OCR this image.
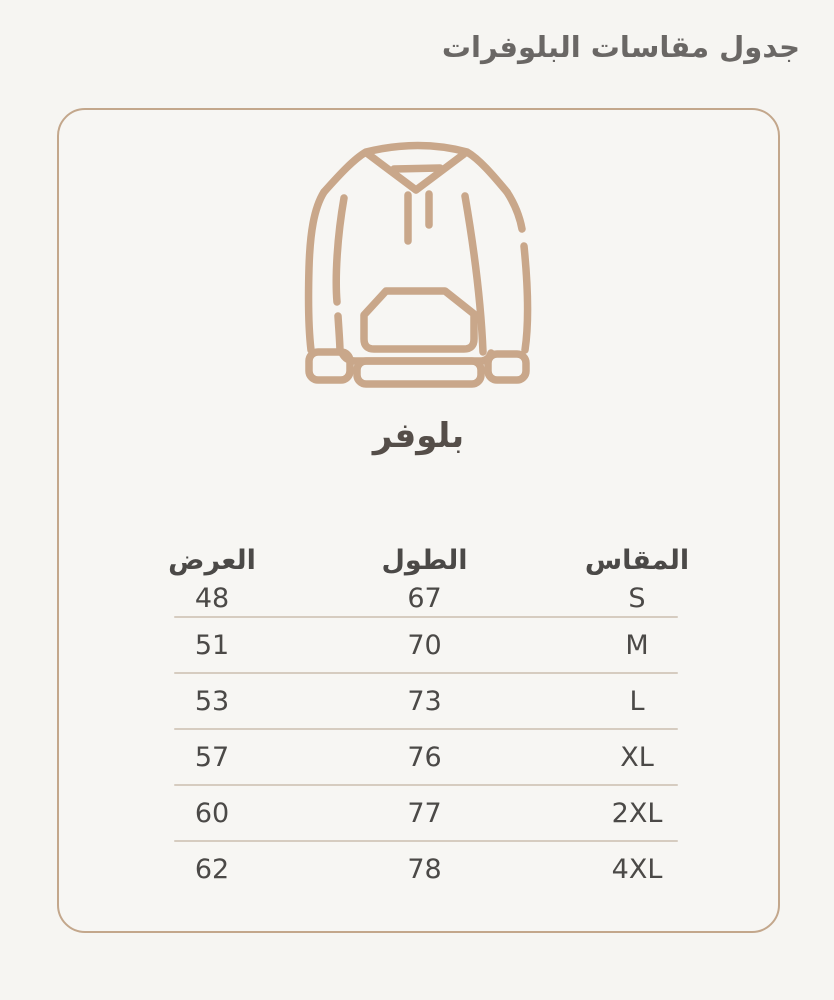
جدول مقاسات البلوفرات
بلوفر
المقاس
الطول
العرض
S
67
48
M
70
51
L
73
53
XL
76
57
2XL
77
60
4XL
78
62
